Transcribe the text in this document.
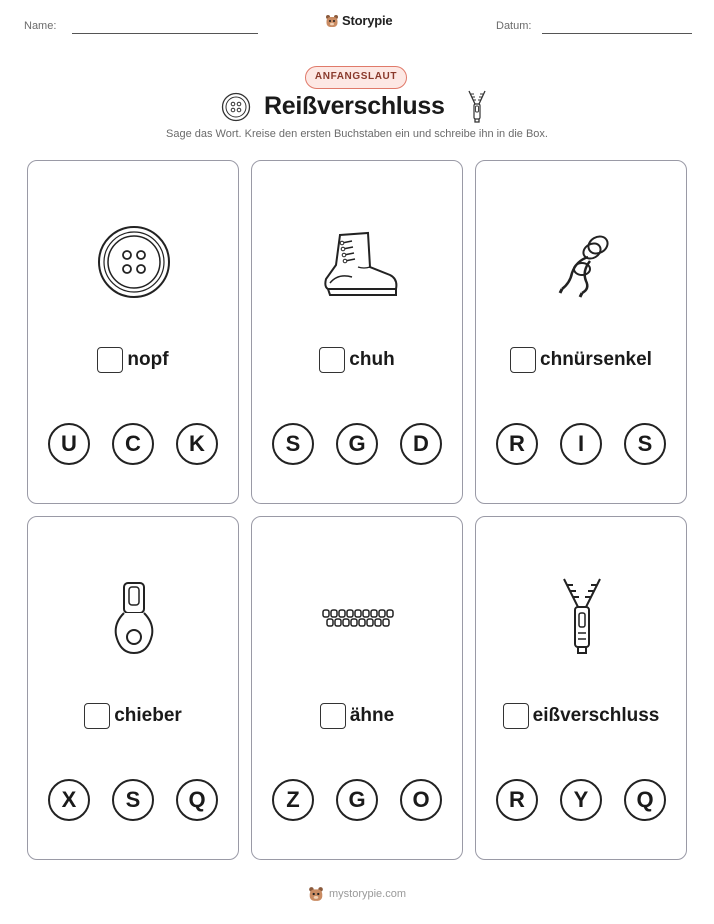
Name:	Storypie	Datum:
ANFANGSLAUT
Reißverschluss
Sage das Wort. Kreise den ersten Buchstaben ein und schreibe ihn in die Box.
nopf
U	C	K
chuh
S	G	D
chnürsenkel
R	I	S
chieber
X	S	Q
ähne
Z	G	O
eißverschluss
R	Y	Q
mystorypie.com
